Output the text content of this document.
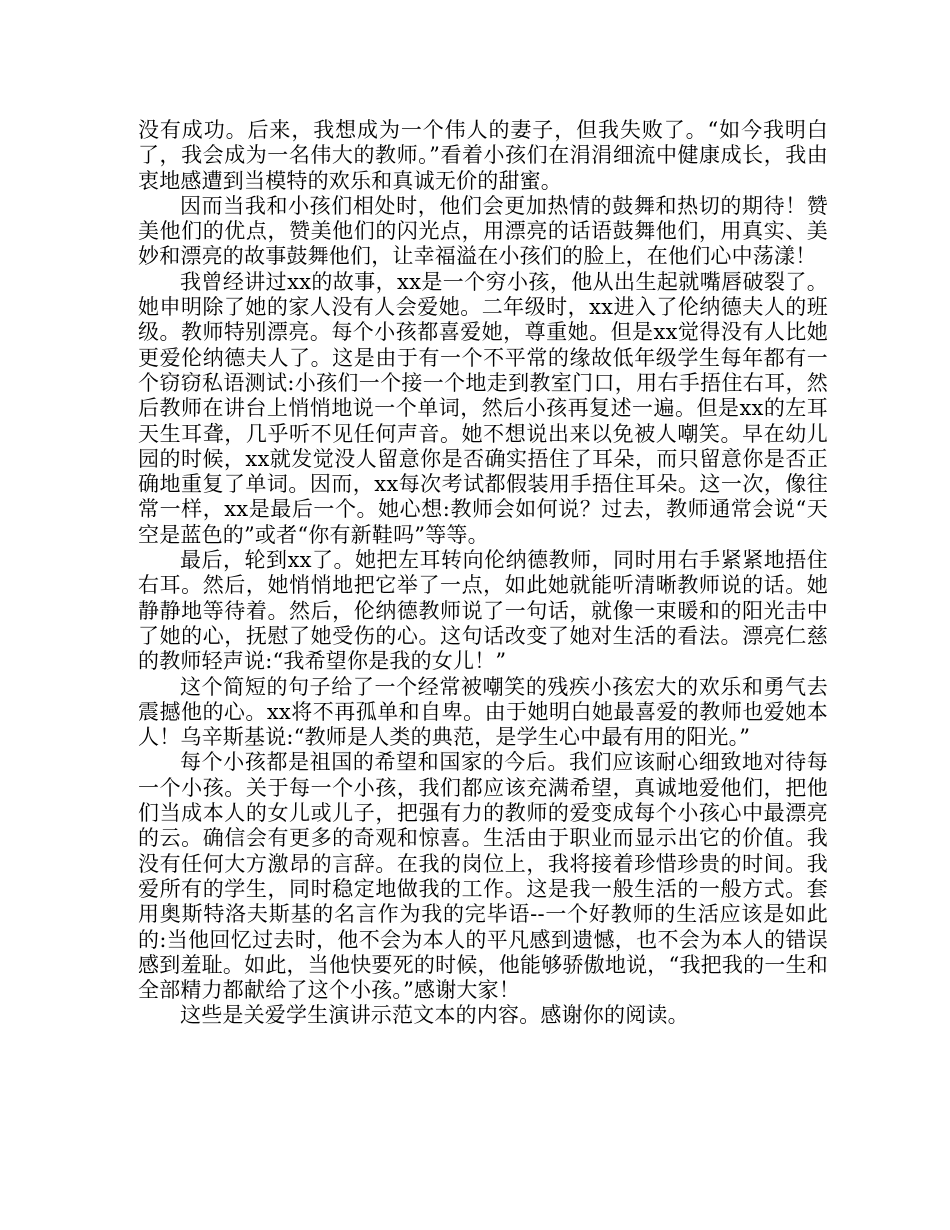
没有成功。后来，我想成为一个伟人的妻子，但我失败了。“如今我明白了，我会成为一名伟大的教师。”看着小孩们在涓涓细流中健康成长，我由衷地感遭到当模特的欢乐和真诚无价的甜蜜。

因而当我和小孩们相处时，他们会更加热情的鼓舞和热切的期待！赞美他们的优点，赞美他们的闪光点，用漂亮的话语鼓舞他们，用真实、美妙和漂亮的故事鼓舞他们，让幸福溢在小孩们的脸上，在他们心中荡漾！

我曾经讲过xx的故事，xx是一个穷小孩，他从出生起就嘴唇破裂了。她申明除了她的家人没有人会爱她。二年级时，xx进入了伦纳德夫人的班级。教师特别漂亮。每个小孩都喜爱她，尊重她。但是xx觉得没有人比她更爱伦纳德夫人了。这是由于有一个不平常的缘故低年级学生每年都有一个窃窃私语测试:小孩们一个接一个地走到教室门口，用右手捂住右耳，然后教师在讲台上悄悄地说一个单词，然后小孩再复述一遍。但是xx的左耳天生耳聋，几乎听不见任何声音。她不想说出来以免被人嘲笑。早在幼儿园的时候，xx就发觉没人留意你是否确实捂住了耳朵，而只留意你是否正确地重复了单词。因而，xx每次考试都假装用手捂住耳朵。这一次，像往常一样，xx是最后一个。她心想:教师会如何说？过去，教师通常会说“天空是蓝色的”或者“你有新鞋吗”等等。

最后，轮到xx了。她把左耳转向伦纳德教师，同时用右手紧紧地捂住右耳。然后，她悄悄地把它举了一点，如此她就能听清晰教师说的话。她静静地等待着。然后，伦纳德教师说了一句话，就像一束暖和的阳光击中了她的心，抚慰了她受伤的心。这句话改变了她对生活的看法。漂亮仁慈的教师轻声说:“我希望你是我的女儿！”

这个简短的句子给了一个经常被嘲笑的残疾小孩宏大的欢乐和勇气去震撼他的心。xx将不再孤单和自卑。由于她明白她最喜爱的教师也爱她本人！乌辛斯基说:“教师是人类的典范，是学生心中最有用的阳光。”

每个小孩都是祖国的希望和国家的今后。我们应该耐心细致地对待每一个小孩。关于每一个小孩，我们都应该充满希望，真诚地爱他们，把他们当成本人的女儿或儿子，把强有力的教师的爱变成每个小孩心中最漂亮的云。确信会有更多的奇观和惊喜。生活由于职业而显示出它的价值。我没有任何大方激昂的言辞。在我的岗位上，我将接着珍惜珍贵的时间。我爱所有的学生，同时稳定地做我的工作。这是我一般生活的一般方式。套用奥斯特洛夫斯基的名言作为我的完毕语--一个好教师的生活应该是如此的:当他回忆过去时，他不会为本人的平凡感到遗憾，也不会为本人的错误感到羞耻。如此，当他快要死的时候，他能够骄傲地说，“我把我的一生和全部精力都献给了这个小孩。”感谢大家！

这些是关爱学生演讲示范文本的内容。感谢你的阅读。
